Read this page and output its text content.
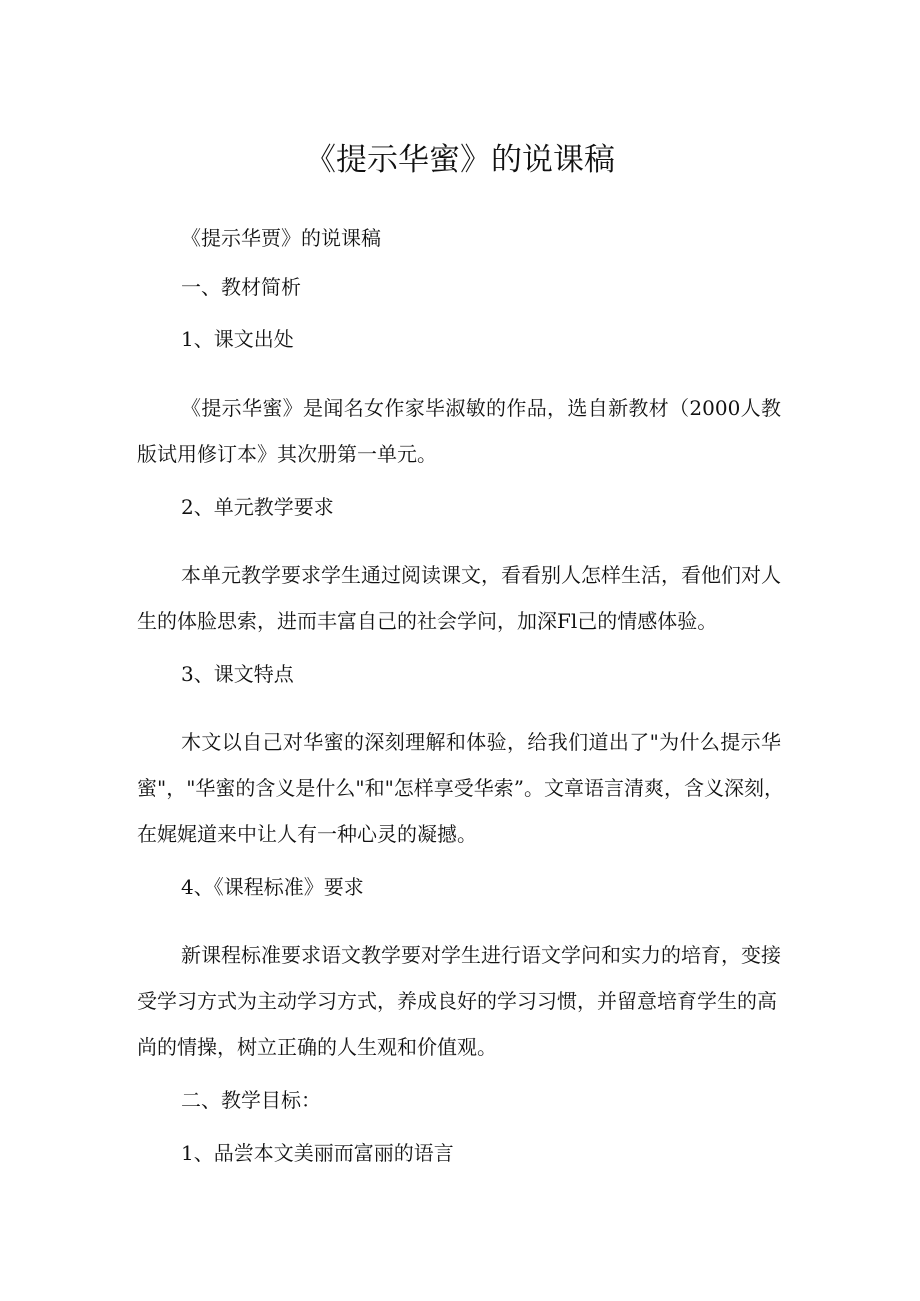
《提示华蜜》的说课稿

《提示华贾》的说课稿

一、教材简析

1、课文出处

《提示华蜜》是闻名女作家毕淑敏的作品，选自新教材（2000人教

版试用修订本》其次册第一单元。

2、单元教学要求

本单元教学要求学生通过阅读课文，看看别人怎样生活，看他们对人

生的体脸思索，进而丰富自己的社会学问，加深Fl己的情感体验。

3、课文特点

木文以自己对华蜜的深刻理解和体验，给我们道出了"为什么提示华

蜜"，"华蜜的含义是什么"和"怎样享受华索”。文章语言清爽，含义深刻，

在娓娓道来中让人有一种心灵的凝撼。

4、《课程标准》要求

新课程标准要求语文教学要对学生进行语文学问和实力的培育，变接

受学习方式为主动学习方式，养成良好的学习习惯，并留意培育学生的高

尚的情操，树立正确的人生观和价值观。

二、教学目标：

1、品尝本文美丽而富丽的语言
